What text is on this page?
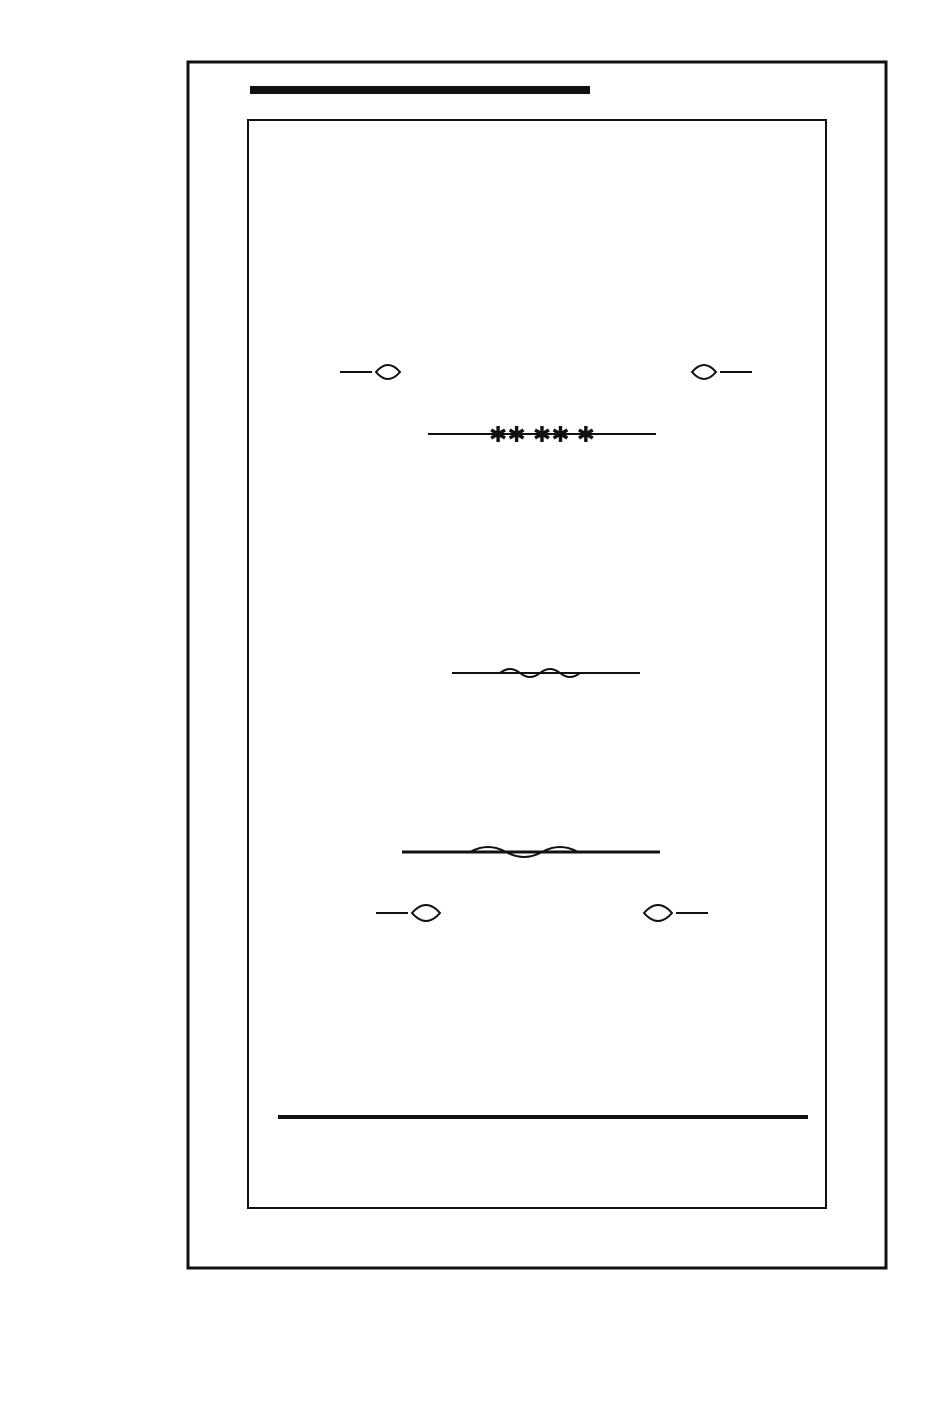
✱✱ ✱✱ ✱
